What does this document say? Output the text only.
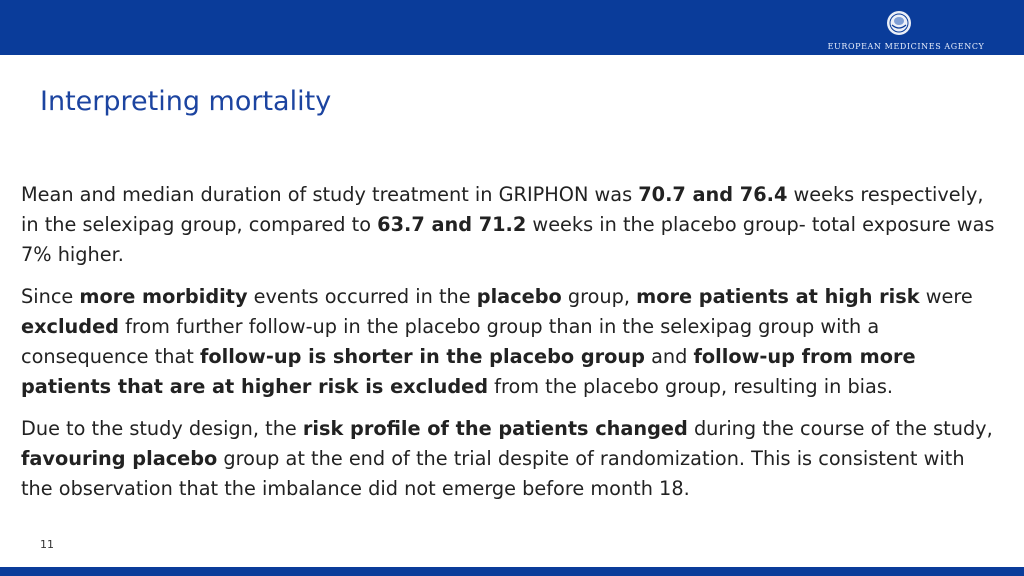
EUROPEAN MEDICINES AGENCY
Interpreting mortality

Mean and median duration of study treatment in GRIPHON was 70.7 and 76.4 weeks respectively, in the selexipag group, compared to 63.7 and 71.2 weeks in the placebo group- total exposure was 7% higher.

Since more morbidity events occurred in the placebo group, more patients at high risk were excluded from further follow-up in the placebo group than in the selexipag group with a consequence that follow-up is shorter in the placebo group and follow-up from more patients that are at higher risk is excluded from the placebo group, resulting in bias.

Due to the study design, the risk profile of the patients changed during the course of the study, favouring placebo group at the end of the trial despite of randomization. This is consistent with the observation that the imbalance did not emerge before month 18.

11
